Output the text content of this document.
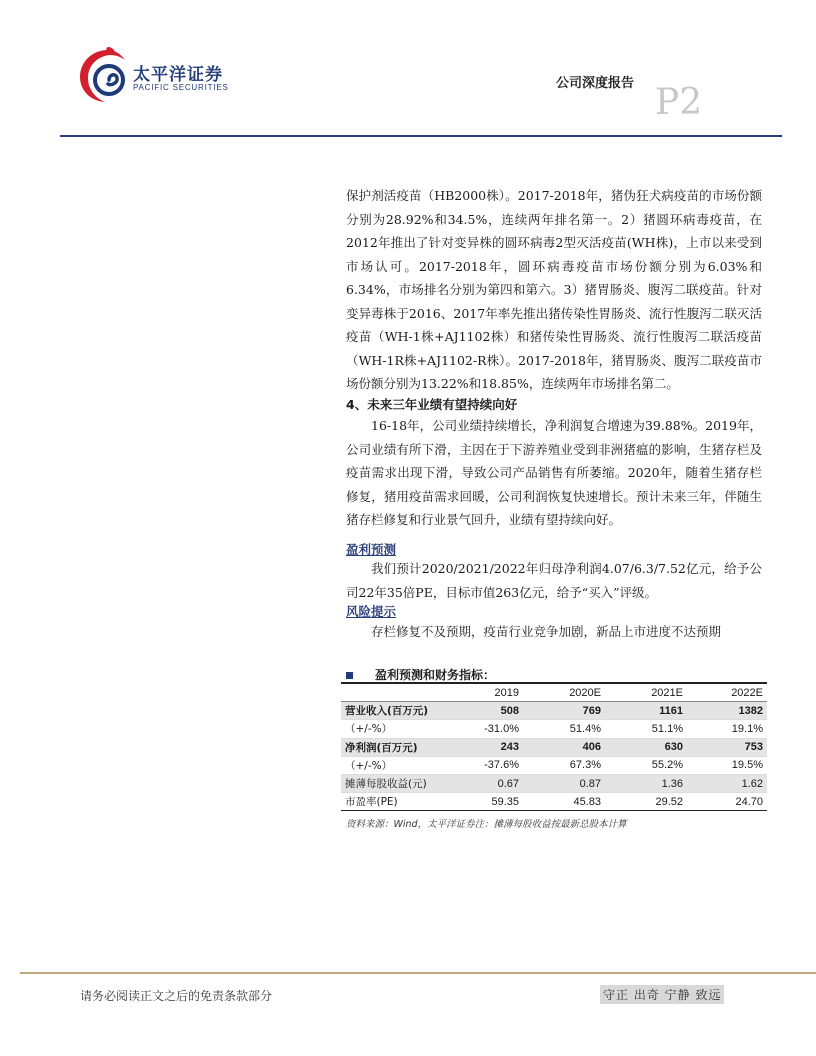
太平洋证券
PACIFIC SECURITIES	公司深度报告 P2

保护剂活疫苗（HB2000株）。2017-2018年，猪伪狂犬病疫苗的市场份额分别为28.92%和34.5%，连续两年排名第一。2）猪圆环病毒疫苗，在2012年推出了针对变异株的圆环病毒2型灭活疫苗(WH株)，上市以来受到市场认可。2017-2018年，圆环病毒疫苗市场份额分别为6.03%和6.34%，市场排名分别为第四和第六。3）猪胃肠炎、腹泻二联疫苗。针对变异毒株于2016、2017年率先推出猪传染性胃肠炎、流行性腹泻二联灭活疫苗（WH-1株+AJ1102株）和猪传染性胃肠炎、流行性腹泻二联活疫苗（WH-1R株+AJ1102-R株）。2017-2018年，猪胃肠炎、腹泻二联疫苗市场份额分别为13.22%和18.85%，连续两年市场排名第二。

4、未来三年业绩有望持续向好

16-18年，公司业绩持续增长，净利润复合增速为39.88%。2019年，公司业绩有所下滑，主因在于下游养殖业受到非洲猪瘟的影响，生猪存栏及疫苗需求出现下滑，导致公司产品销售有所萎缩。2020年，随着生猪存栏修复，猪用疫苗需求回暖，公司利润恢复快速增长。预计未来三年，伴随生猪存栏修复和行业景气回升，业绩有望持续向好。

盈利预测

我们预计2020/2021/2022年归母净利润4.07/6.3/7.52亿元，给予公司22年35倍PE，目标市值263亿元，给予“买入”评级。

风险提示

存栏修复不及预期，疫苗行业竞争加剧，新品上市进度不达预期

盈利预测和财务指标：
	2019	2020E	2021E	2022E
营业收入(百万元)	508	769	1161	1382
（+/-%）	-31.0%	51.4%	51.1%	19.1%
净利润(百万元)	243	406	630	753
（+/-%）	-37.6%	67.3%	55.2%	19.5%
摊薄每股收益(元)	0.67	0.87	1.36	1.62
市盈率(PE)	59.35	45.83	29.52	24.70
资料来源：Wind，太平洋证券注：摊薄每股收益按最新总股本计算
请务必阅读正文之后的免责条款部分	守正 出奇 宁静 致远
